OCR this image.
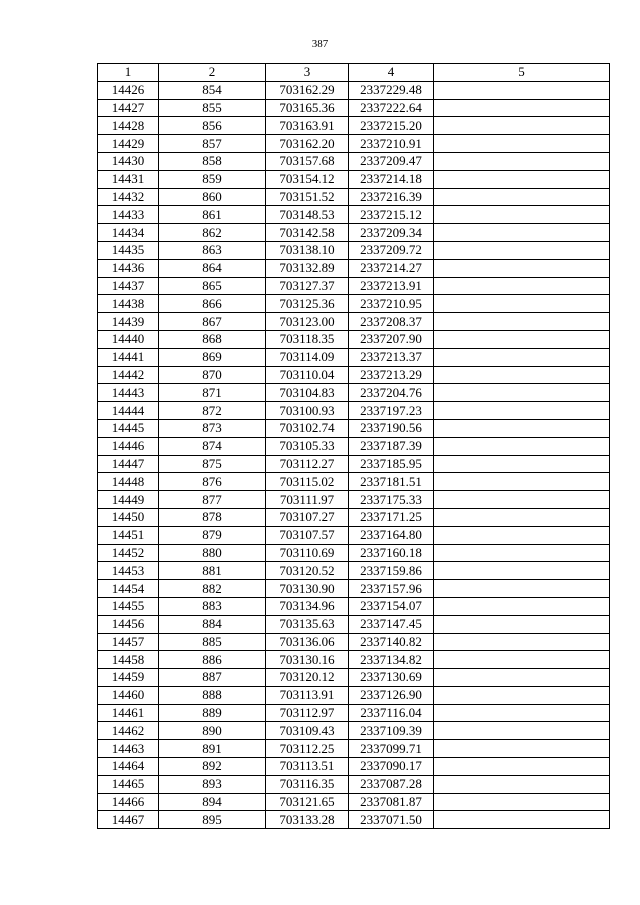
387
1	2	3	4	5
14426	854	703162.29	2337229.48	
14427	855	703165.36	2337222.64	
14428	856	703163.91	2337215.20	
14429	857	703162.20	2337210.91	
14430	858	703157.68	2337209.47	
14431	859	703154.12	2337214.18	
14432	860	703151.52	2337216.39	
14433	861	703148.53	2337215.12	
14434	862	703142.58	2337209.34	
14435	863	703138.10	2337209.72	
14436	864	703132.89	2337214.27	
14437	865	703127.37	2337213.91	
14438	866	703125.36	2337210.95	
14439	867	703123.00	2337208.37	
14440	868	703118.35	2337207.90	
14441	869	703114.09	2337213.37	
14442	870	703110.04	2337213.29	
14443	871	703104.83	2337204.76	
14444	872	703100.93	2337197.23	
14445	873	703102.74	2337190.56	
14446	874	703105.33	2337187.39	
14447	875	703112.27	2337185.95	
14448	876	703115.02	2337181.51	
14449	877	703111.97	2337175.33	
14450	878	703107.27	2337171.25	
14451	879	703107.57	2337164.80	
14452	880	703110.69	2337160.18	
14453	881	703120.52	2337159.86	
14454	882	703130.90	2337157.96	
14455	883	703134.96	2337154.07	
14456	884	703135.63	2337147.45	
14457	885	703136.06	2337140.82	
14458	886	703130.16	2337134.82	
14459	887	703120.12	2337130.69	
14460	888	703113.91	2337126.90	
14461	889	703112.97	2337116.04	
14462	890	703109.43	2337109.39	
14463	891	703112.25	2337099.71	
14464	892	703113.51	2337090.17	
14465	893	703116.35	2337087.28	
14466	894	703121.65	2337081.87	
14467	895	703133.28	2337071.50	
